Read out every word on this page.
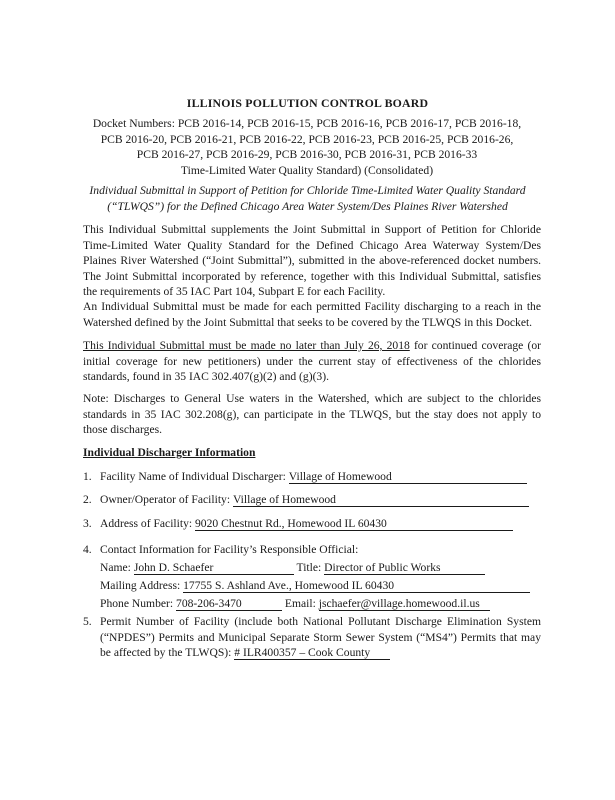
ILLINOIS POLLUTION CONTROL BOARD
Docket Numbers: PCB 2016-14, PCB 2016-15, PCB 2016-16, PCB 2016-17, PCB 2016-18,
PCB 2016-20, PCB 2016-21, PCB 2016-22, PCB 2016-23, PCB 2016-25, PCB 2016-26,
PCB 2016-27, PCB 2016-29, PCB 2016-30, PCB 2016-31, PCB 2016-33
Time-Limited Water Quality Standard) (Consolidated)
Individual Submittal in Support of Petition for Chloride Time-Limited Water Quality Standard
(“TLWQS”) for the Defined Chicago Area Water System/Des Plaines River Watershed
This Individual Submittal supplements the Joint Submittal in Support of Petition for Chloride Time-Limited Water Quality Standard for the Defined Chicago Area Waterway System/Des Plaines River Watershed (“Joint Submittal”), submitted in the above-referenced docket numbers. The Joint Submittal incorporated by reference, together with this Individual Submittal, satisfies the requirements of 35 IAC Part 104, Subpart E for each Facility.
An Individual Submittal must be made for each permitted Facility discharging to a reach in the Watershed defined by the Joint Submittal that seeks to be covered by the TLWQS in this Docket.
This Individual Submittal must be made no later than July 26, 2018 for continued coverage (or initial coverage for new petitioners) under the current stay of effectiveness of the chlorides standards, found in 35 IAC 302.407(g)(2) and (g)(3).
Note: Discharges to General Use waters in the Watershed, which are subject to the chlorides standards in 35 IAC 302.208(g), can participate in the TLWQS, but the stay does not apply to those discharges.
Individual Discharger Information
1. Facility Name of Individual Discharger: Village of Homewood
2. Owner/Operator of Facility: Village of Homewood
3. Address of Facility: 9020 Chestnut Rd., Homewood IL 60430
4. Contact Information for Facility’s Responsible Official:
Name: John D. Schaefer	Title: Director of Public Works
Mailing Address: 17755 S. Ashland Ave., Homewood IL 60430
Phone Number: 708-206-3470	Email: jschaefer@village.homewood.il.us
5. Permit Number of Facility (include both National Pollutant Discharge Elimination System (“NPDES”) Permits and Municipal Separate Storm Sewer System (“MS4”) Permits that may be affected by the TLWQS): # ILR400357 – Cook County
